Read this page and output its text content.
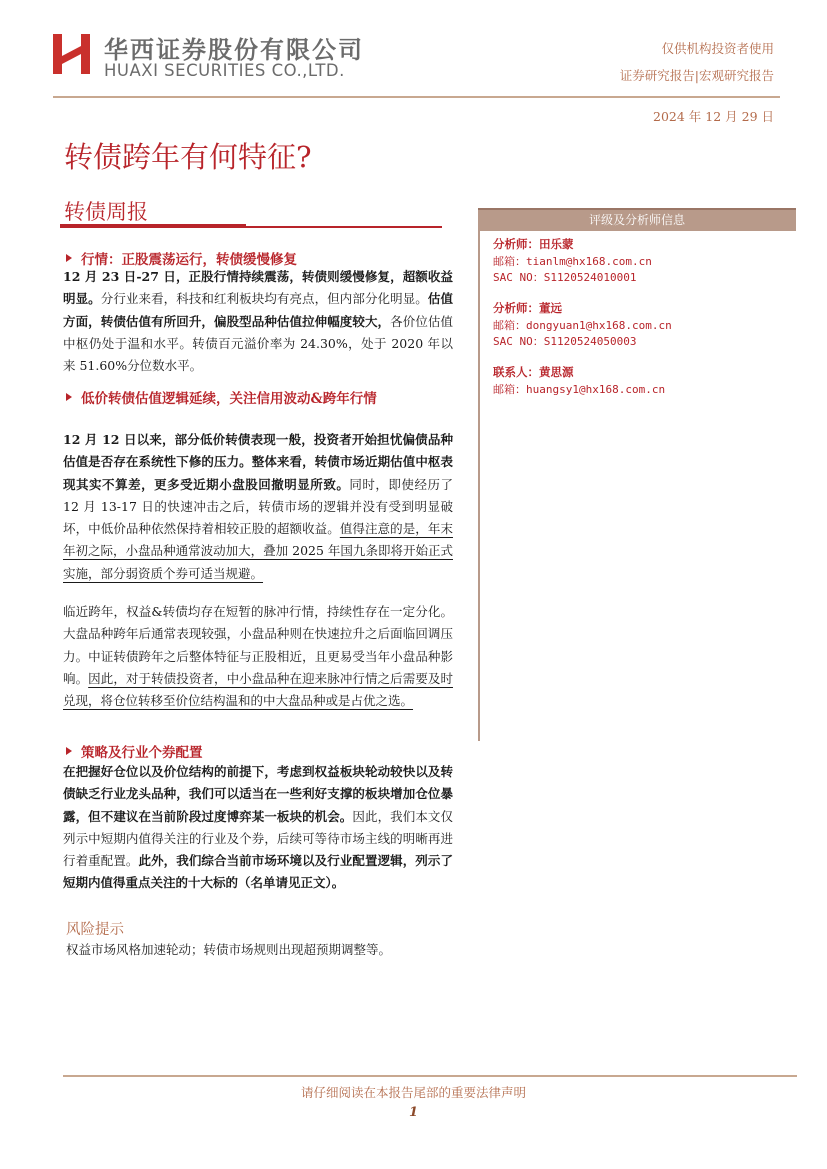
华西证券股份有限公司
HUAXI SECURITIES CO.,LTD.
仅供机构投资者使用
证券研究报告|宏观研究报告
2024 年 12 月 29 日
转债跨年有何特征?
转债周报
行情：正股震荡运行，转债缓慢修复
12 月 23 日-27 日，正股行情持续震荡，转债则缓慢修复，超额收益明显。分行业来看，科技和红利板块均有亮点，但内部分化明显。估值方面，转债估值有所回升，偏股型品种估值拉伸幅度较大，各价位估值中枢仍处于温和水平。转债百元溢价率为 24.30%，处于 2020 年以来 51.60%分位数水平。
低价转债估值逻辑延续，关注信用波动&跨年行情
12 月 12 日以来，部分低价转债表现一般，投资者开始担忧偏债品种估值是否存在系统性下修的压力。整体来看，转债市场近期估值中枢表现其实不算差，更多受近期小盘股回撤明显所致。同时，即使经历了 12 月 13-17 日的快速冲击之后，转债市场的逻辑并没有受到明显破坏，中低价品种依然保持着相较正股的超额收益。值得注意的是，年末年初之际，小盘品种通常波动加大，叠加 2025 年国九条即将开始正式实施，部分弱资质个券可适当规避。
临近跨年，权益&转债均存在短暂的脉冲行情，持续性存在一定分化。大盘品种跨年后通常表现较强，小盘品种则在快速拉升之后面临回调压力。中证转债跨年之后整体特征与正股相近，且更易受当年小盘品种影响。因此，对于转债投资者，中小盘品种在迎来脉冲行情之后需要及时兑现，将仓位转移至价位结构温和的中大盘品种或是占优之选。
策略及行业个券配置
在把握好仓位以及价位结构的前提下，考虑到权益板块轮动较快以及转债缺乏行业龙头品种，我们可以适当在一些利好支撑的板块增加仓位暴露，但不建议在当前阶段过度博弈某一板块的机会。因此，我们本文仅列示中短期内值得关注的行业及个券，后续可等待市场主线的明晰再进行着重配置。此外，我们综合当前市场环境以及行业配置逻辑，列示了短期内值得重点关注的十大标的（名单请见正文）。
风险提示
权益市场风格加速轮动；转债市场规则出现超预期调整等。
评级及分析师信息
分析师：田乐蒙
邮箱：tianlm@hx168.com.cn
SAC NO：S1120524010001
分析师：董远
邮箱：dongyuan1@hx168.com.cn
SAC NO：S1120524050003
联系人：黄思源
邮箱：huangsy1@hx168.com.cn
请仔细阅读在本报告尾部的重要法律声明
1
